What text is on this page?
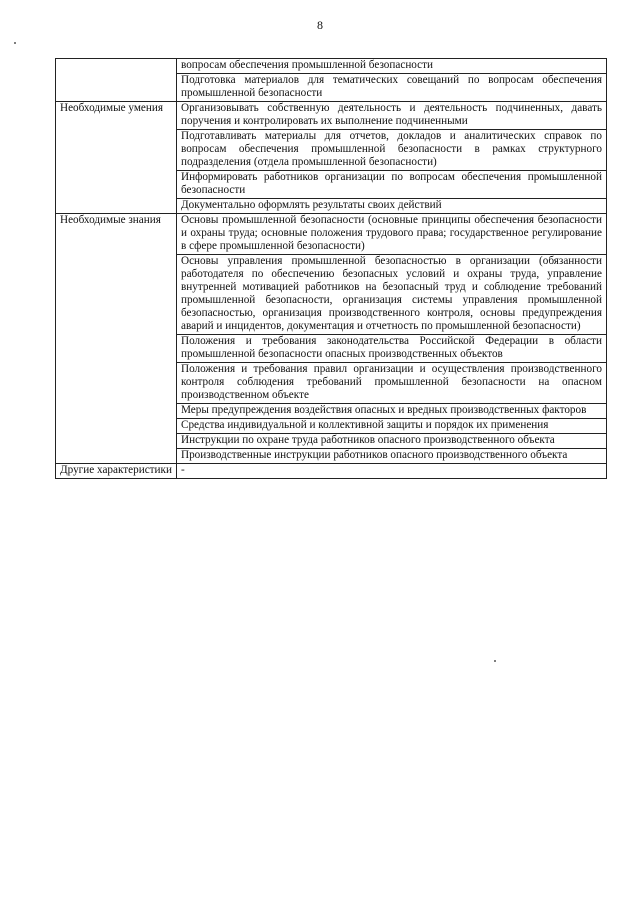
8
	вопросам обеспечения промышленной безопасности
	Подготовка материалов для тематических совещаний по вопросам обеспечения промышленной безопасности
Необходимые умения	Организовывать собственную деятельность и деятельность подчиненных, давать поручения и контролировать их выполнение подчиненными
	Подготавливать материалы для отчетов, докладов и аналитических справок по вопросам обеспечения промышленной безопасности в рамках структурного подразделения (отдела промышленной безопасности)
	Информировать работников организации по вопросам обеспечения промышленной безопасности
	Документально оформлять результаты своих действий
Необходимые знания	Основы промышленной безопасности (основные принципы обеспечения безопасности и охраны труда; основные положения трудового права; государственное регулирование в сфере промышленной безопасности)
	Основы управления промышленной безопасностью в организации (обязанности работодателя по обеспечению безопасных условий и охраны труда, управление внутренней мотивацией работников на безопасный труд и соблюдение требований промышленной безопасности, организация системы управления промышленной безопасностью, организация производственного контроля, основы предупреждения аварий и инцидентов, документация и отчетность по промышленной безопасности)
	Положения и требования законодательства Российской Федерации в области промышленной безопасности опасных производственных объектов
	Положения и требования правил организации и осуществления производственного контроля соблюдения требований промышленной безопасности на опасном производственном объекте
	Меры предупреждения воздействия опасных и вредных производственных факторов
	Средства индивидуальной и коллективной защиты и порядок их применения
	Инструкции по охране труда работников опасного производственного объекта
	Производственные инструкции работников опасного производственного объекта
Другие характеристики	-
